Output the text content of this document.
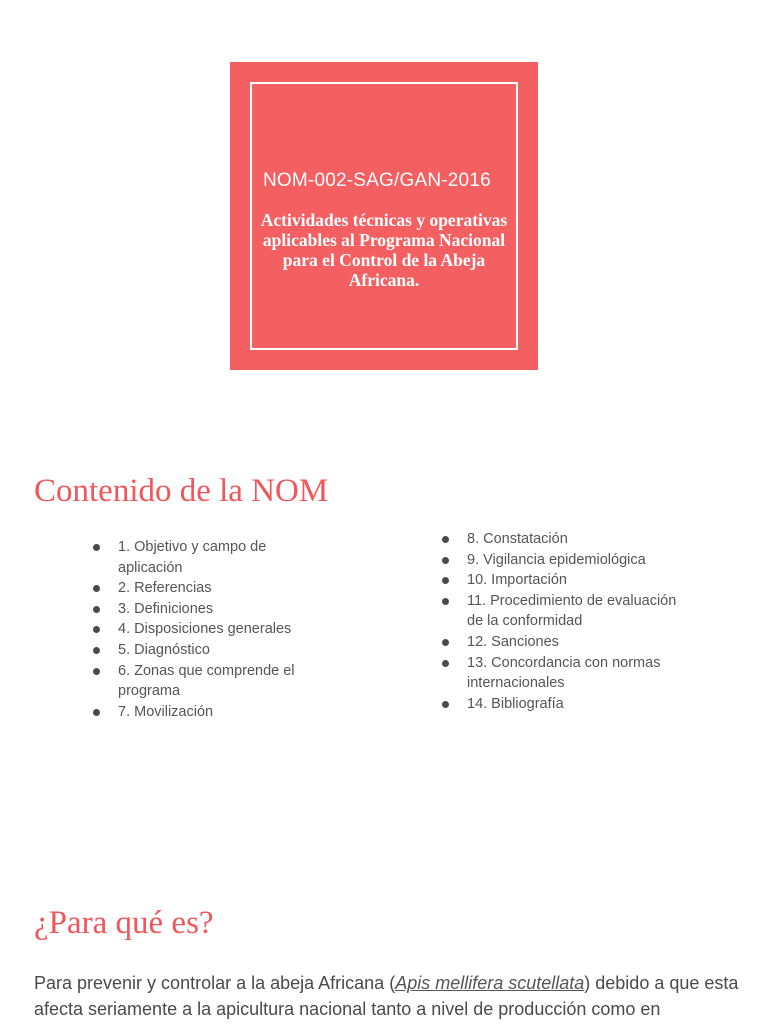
NOM-002-SAG/GAN-2016
Actividades técnicas y operativas aplicables al Programa Nacional para el Control de la Abeja Africana.
Contenido de la NOM
1. Objetivo y campo de aplicación
2. Referencias
3. Definiciones
4. Disposiciones generales
5. Diagnóstico
6. Zonas que comprende el programa
7. Movilización
8. Constatación
9. Vigilancia epidemiológica
10. Importación
11. Procedimiento de evaluación de la conformidad
12. Sanciones
13. Concordancia con normas internacionales
14. Bibliografía
¿Para qué es?

Para prevenir y controlar a la abeja Africana (Apis mellifera scutellata) debido a que esta afecta seriamente a la apicultura nacional tanto a nivel de producción como en
